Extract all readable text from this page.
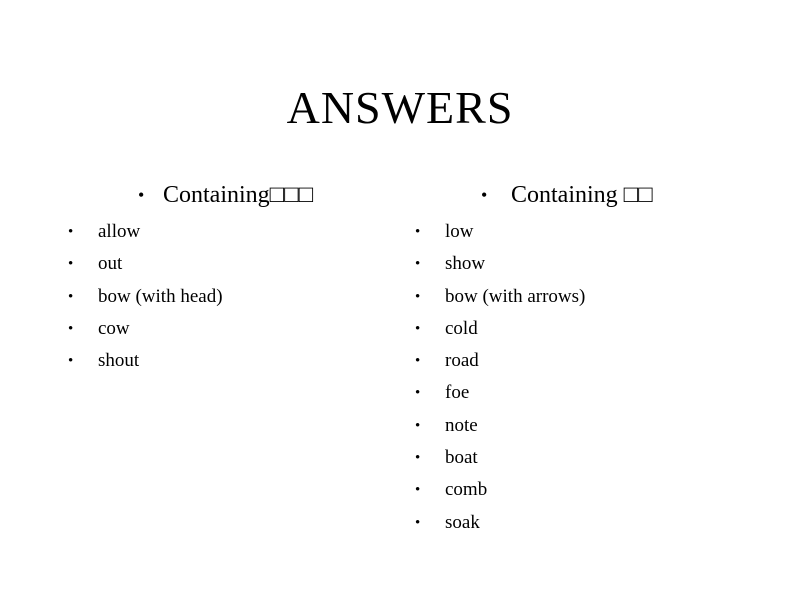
ANSWERS
• Containing□□□
• allow
• out
• bow (with head)
• cow
• shout
• Containing □□
• low
• show
• bow (with arrows)
• cold
• road
• foe
• note
• boat
• comb
• soak
